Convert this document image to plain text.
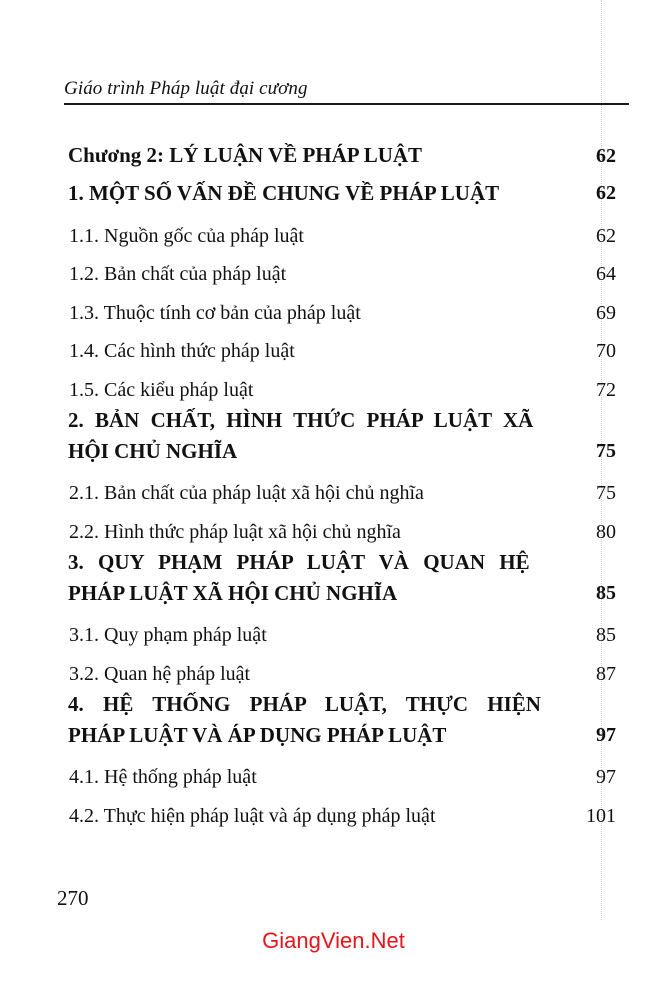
Giáo trình Pháp luật đại cương
Chương 2: LÝ LUẬN VỀ PHÁP LUẬT	62
1. MỘT SỐ VẤN ĐỀ CHUNG VỀ PHÁP LUẬT	62
1.1. Nguồn gốc của pháp luật	62
1.2. Bản chất của pháp luật	64
1.3. Thuộc tính cơ bản của pháp luật	69
1.4. Các hình thức pháp luật	70
1.5. Các kiểu pháp luật	72
2. BẢN CHẤT, HÌNH THỨC PHÁP LUẬT XÃ
HỘI CHỦ NGHĨA	75
2.1. Bản chất của pháp luật xã hội chủ nghĩa	75
2.2. Hình thức pháp luật xã hội chủ nghĩa	80
3. QUY PHẠM PHÁP LUẬT VÀ QUAN HỆ
PHÁP LUẬT XÃ HỘI CHỦ NGHĨA	85
3.1. Quy phạm pháp luật	85
3.2. Quan hệ pháp luật	87
4. HỆ THỐNG PHÁP LUẬT, THỰC HIỆN
PHÁP LUẬT VÀ ÁP DỤNG PHÁP LUẬT	97
4.1. Hệ thống pháp luật	97
4.2. Thực hiện pháp luật và áp dụng pháp luật	101
270
GiangVien.Net
